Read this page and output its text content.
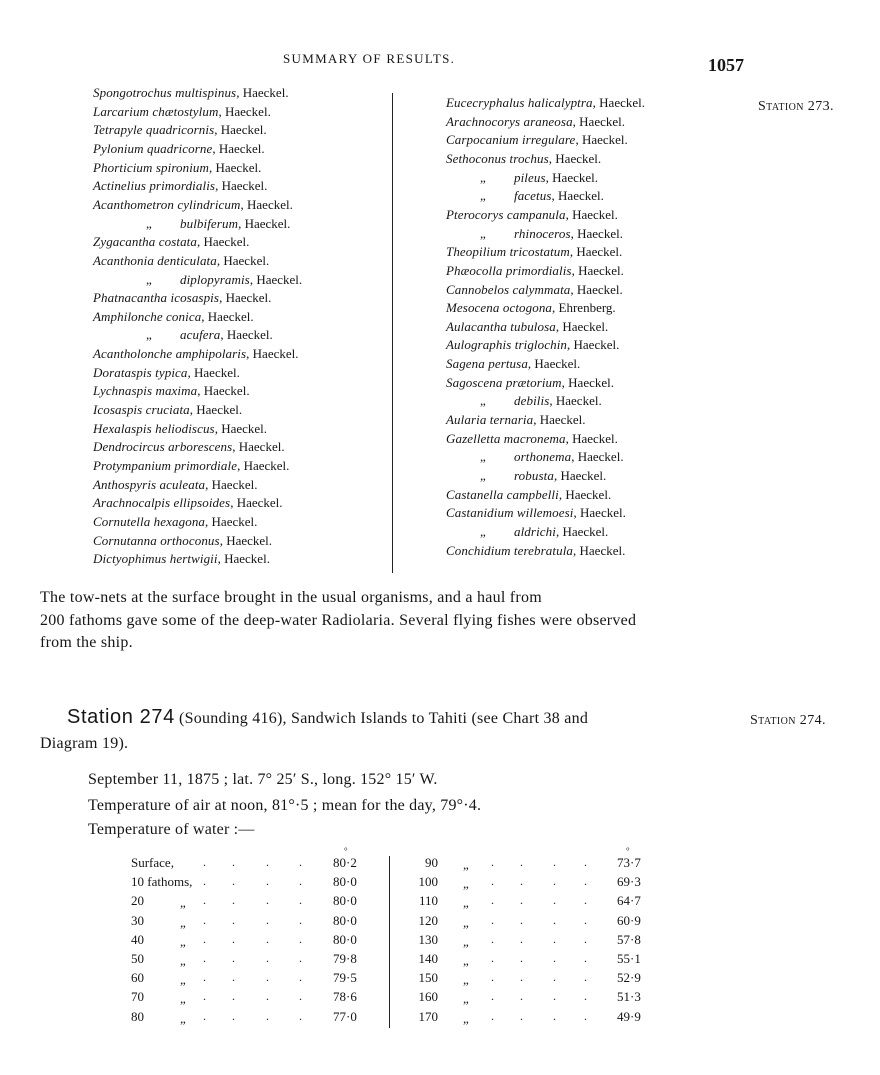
SUMMARY OF RESULTS.	1057
Station 273.
Spongotrochus multispinus, Haeckel.
Larcarium chætostylum, Haeckel.
Tetrapyle quadricornis, Haeckel.
Pylonium quadricorne, Haeckel.
Phorticium spironium, Haeckel.
Actinelius primordialis, Haeckel.
Acanthometron cylindricum, Haeckel.
„ bulbiferum, Haeckel.
Zygacantha costata, Haeckel.
Acanthonia denticulata, Haeckel.
„ diplopyramis, Haeckel.
Phatnacantha icosaspis, Haeckel.
Amphilonche conica, Haeckel.
„ acufera, Haeckel.
Acantholonche amphipolaris, Haeckel.
Dorataspis typica, Haeckel.
Lychnaspis maxima, Haeckel.
Icosaspis cruciata, Haeckel.
Hexalaspis heliodiscus, Haeckel.
Dendrocircus arborescens, Haeckel.
Protympanium primordiale, Haeckel.
Anthospyris aculeata, Haeckel.
Arachnocalpis ellipsoides, Haeckel.
Cornutella hexagona, Haeckel.
Cornutanna orthoconus, Haeckel.
Dictyophimus hertwigii, Haeckel.
Eucecryphalus halicalyptra, Haeckel.
Arachnocorys araneosa, Haeckel.
Carpocanium irregulare, Haeckel.
Sethoconus trochus, Haeckel.
„ pileus, Haeckel.
„ facetus, Haeckel.
Pterocorys campanula, Haeckel.
„ rhinoceros, Haeckel.
Theopilium tricostatum, Haeckel.
Phæocolla primordialis, Haeckel.
Cannobelos calymmata, Haeckel.
Mesocena octogona, Ehrenberg.
Aulacantha tubulosa, Haeckel.
Aulographis triglochin, Haeckel.
Sagena pertusa, Haeckel.
Sagoscena prætorium, Haeckel.
„ debilis, Haeckel.
Aularia ternaria, Haeckel.
Gazelletta macronema, Haeckel.
„ orthonema, Haeckel.
„ robusta, Haeckel.
Castanella campbelli, Haeckel.
Castanidium willemoesi, Haeckel.
„ aldrichi, Haeckel.
Conchidium terebratula, Haeckel.
The tow-nets at the surface brought in the usual organisms, and a haul from
200 fathoms gave some of the deep-water Radiolaria. Several flying fishes were observed
from the ship.
Station 274 (Sounding 416), Sandwich Islands to Tahiti (see Chart 38 and
Diagram 19).
Station 274.
September 11, 1875 ; lat. 7° 25′ S., long. 152° 15′ W.
Temperature of air at noon, 81°·5 ; mean for the day, 79°·4.
Temperature of water :—
°	°
Surface, . .	.	. 80·2
10 fathoms, . .	.	. 80·0
20	„ . .	.	. 80·0
30	„ . .	.	. 80·0
40	„ . .	.	. 80·0
50	„ . .	.	. 79·8
60	„ . .	.	. 79·5
70	„ . .	.	. 78·6
80	„ . .	.	. 77·0
90 „ . .	. . 73·7
100 „ . .	. . 69·3
110 „ . .	. . 64·7
120 „ . .	. . 60·9
130 „ . .	. . 57·8
140 „ . .	. . 55·1
150 „ . .	. . 52·9
160 „ . .	. . 51·3
170 „ . .	. . 49·9
